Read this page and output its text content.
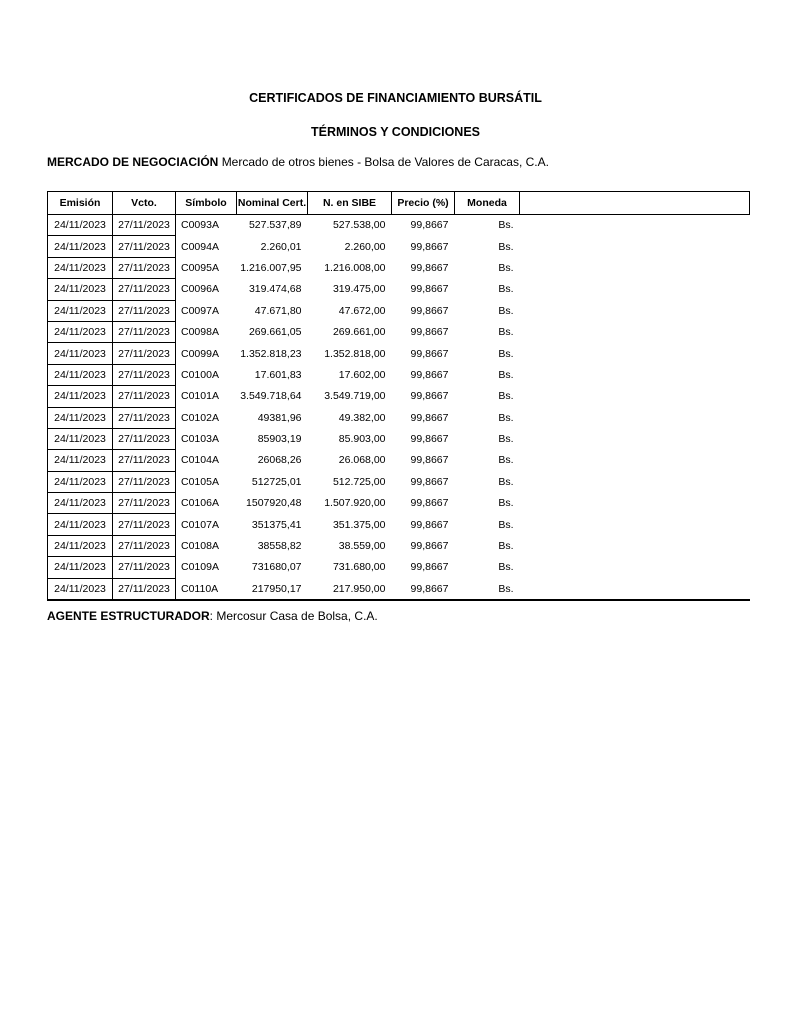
CERTIFICADOS DE FINANCIAMIENTO BURSÁTIL
TÉRMINOS Y CONDICIONES

MERCADO DE NEGOCIACIÓN Mercado de otros bienes - Bolsa de Valores de Caracas, C.A.

Emisión	Vcto.	Símbolo	Nominal Cert.	N. en SIBE	Precio (%)	Moneda	
24/11/2023	27/11/2023	C0093A	527.537,89	527.538,00	99,8667	Bs.	
24/11/2023	27/11/2023	C0094A	2.260,01	2.260,00	99,8667	Bs.	
24/11/2023	27/11/2023	C0095A	1.216.007,95	1.216.008,00	99,8667	Bs.	
24/11/2023	27/11/2023	C0096A	319.474,68	319.475,00	99,8667	Bs.	
24/11/2023	27/11/2023	C0097A	47.671,80	47.672,00	99,8667	Bs.	
24/11/2023	27/11/2023	C0098A	269.661,05	269.661,00	99,8667	Bs.	
24/11/2023	27/11/2023	C0099A	1.352.818,23	1.352.818,00	99,8667	Bs.	
24/11/2023	27/11/2023	C0100A	17.601,83	17.602,00	99,8667	Bs.	
24/11/2023	27/11/2023	C0101A	3.549.718,64	3.549.719,00	99,8667	Bs.	
24/11/2023	27/11/2023	C0102A	49381,96	49.382,00	99,8667	Bs.	
24/11/2023	27/11/2023	C0103A	85903,19	85.903,00	99,8667	Bs.	
24/11/2023	27/11/2023	C0104A	26068,26	26.068,00	99,8667	Bs.	
24/11/2023	27/11/2023	C0105A	512725,01	512.725,00	99,8667	Bs.	
24/11/2023	27/11/2023	C0106A	1507920,48	1.507.920,00	99,8667	Bs.	
24/11/2023	27/11/2023	C0107A	351375,41	351.375,00	99,8667	Bs.	
24/11/2023	27/11/2023	C0108A	38558,82	38.559,00	99,8667	Bs.	
24/11/2023	27/11/2023	C0109A	731680,07	731.680,00	99,8667	Bs.	
24/11/2023	27/11/2023	C0110A	217950,17	217.950,00	99,8667	Bs.	

AGENTE ESTRUCTURADOR: Mercosur Casa de Bolsa, C.A.
